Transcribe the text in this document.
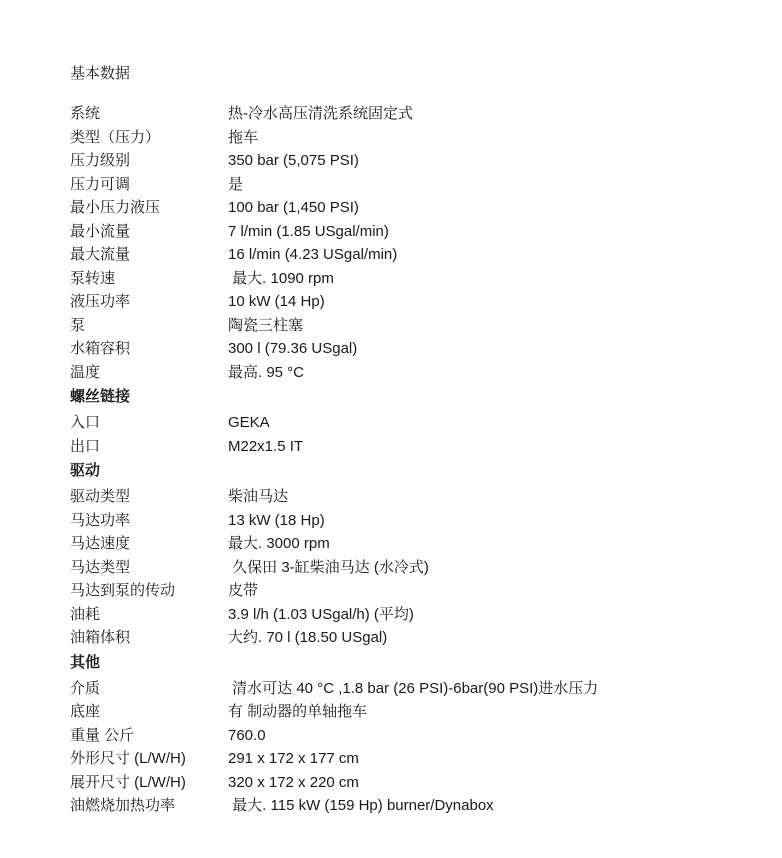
基本数据
系统	热-冷水高压清洗系统固定式
类型（压力）	拖车
压力级别	350 bar (5,075 PSI)
压力可调	是
最小压力液压	100 bar (1,450 PSI)
最小流量	7 l/min (1.85 USgal/min)
最大流量	16 l/min (4.23 USgal/min)
泵转速	最大. 1090 rpm
液压功率	10 kW (14 Hp)
泵	陶瓷三柱塞
水箱容积	300 l (79.36 USgal)
温度	最高. 95 °C
螺丝链接
入口	GEKA
出口	M22x1.5 IT
驱动
驱动类型	柴油马达
马达功率	13 kW (18 Hp)
马达速度	最大. 3000 rpm
马达类型	久保田 3-缸柴油马达 (水冷式)
马达到泵的传动	皮带
油耗	3.9 l/h (1.03 USgal/h) (平均)
油箱体积	大约. 70 l (18.50 USgal)
其他
介质	清水可达 40 °C ,1.8 bar (26 PSI)-6bar(90 PSI)进水压力
底座	有 制动器的单轴拖车
重量 公斤	760.0
外形尺寸 (L/W/H)	291 x 172 x 177 cm
展开尺寸 (L/W/H)	320 x 172 x 220 cm
油燃烧加热功率	最大. 115 kW (159 Hp) burner/Dynabox
